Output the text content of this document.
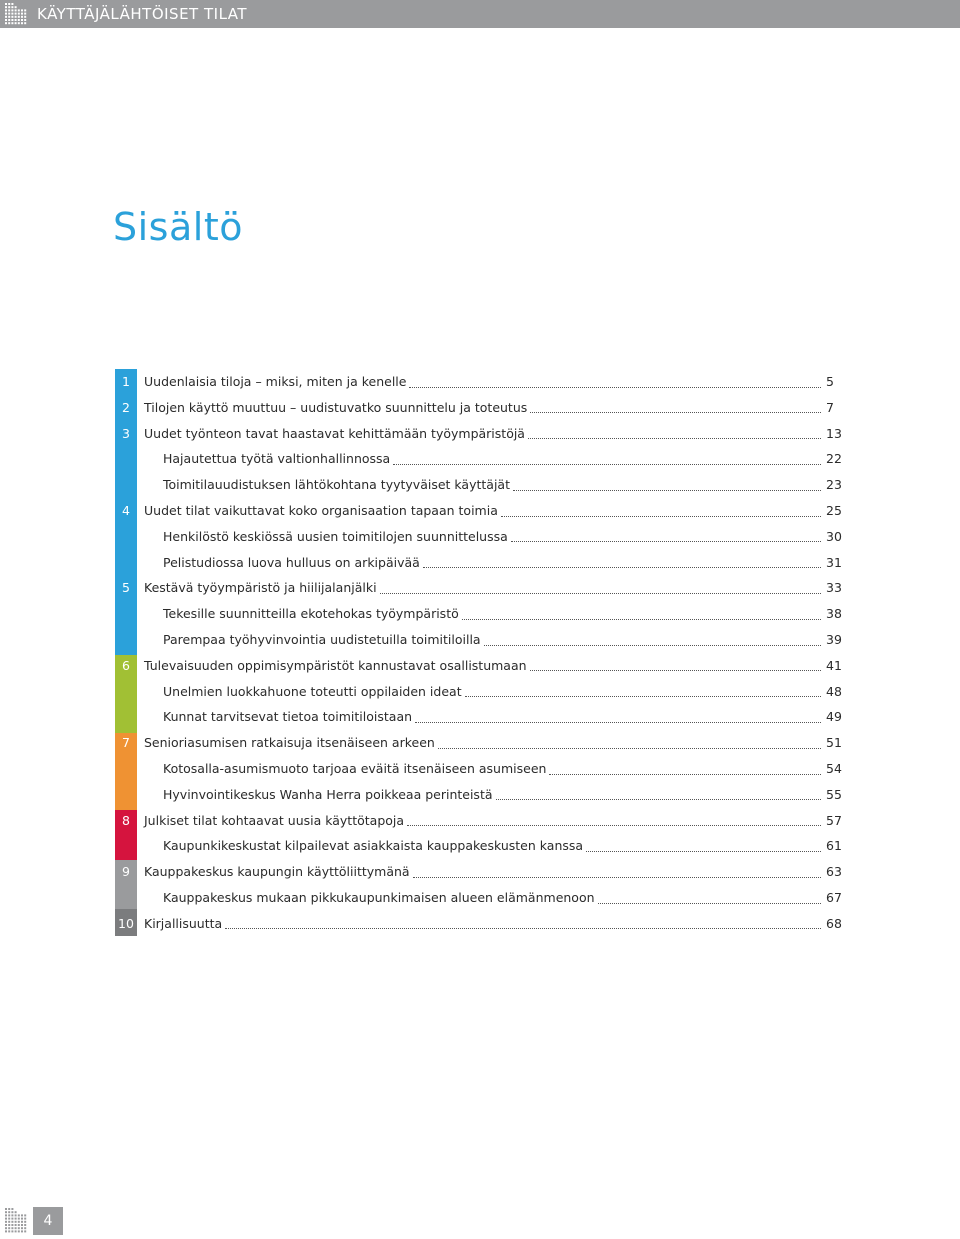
KÄYTTÄJÄLÄHTÖISET TILAT
Sisältö
1	Uudenlaisia tiloja – miksi, miten ja kenelle	5
2	Tilojen käyttö muuttuu – uudistuvatko suunnittelu ja toteutus	7
3	Uudet työnteon tavat haastavat kehittämään työympäristöjä	13
Hajautettua työtä valtionhallinnossa	22
Toimitilauudistuksen lähtökohtana tyytyväiset käyttäjät	23
4	Uudet tilat vaikuttavat koko organisaation tapaan toimia	25
Henkilöstö keskiössä uusien toimitilojen suunnittelussa	30
Pelistudiossa luova hulluus on arkipäivää	31
5	Kestävä työympäristö ja hiilijalanjälki	33
Tekesille suunnitteilla ekotehokas työympäristö	38
Parempaa työhyvinvointia uudistetuilla toimitiloilla	39
6	Tulevaisuuden oppimisympäristöt kannustavat osallistumaan	41
Unelmien luokkahuone toteutti oppilaiden ideat	48
Kunnat tarvitsevat tietoa toimitiloistaan	49
7	Senioriasumisen ratkaisuja itsenäiseen arkeen	51
Kotosalla-asumismuoto tarjoaa eväitä itsenäiseen asumiseen	54
Hyvinvointikeskus Wanha Herra poikkeaa perinteistä	55
8	Julkiset tilat kohtaavat uusia käyttötapoja	57
Kaupunkikeskustat kilpailevat asiakkaista kauppakeskusten kanssa	61
9	Kauppakeskus kaupungin käyttöliittymänä	63
Kauppakeskus mukaan pikkukaupunkimaisen alueen elämänmenoon	67
10 Kirjallisuutta	68
4
